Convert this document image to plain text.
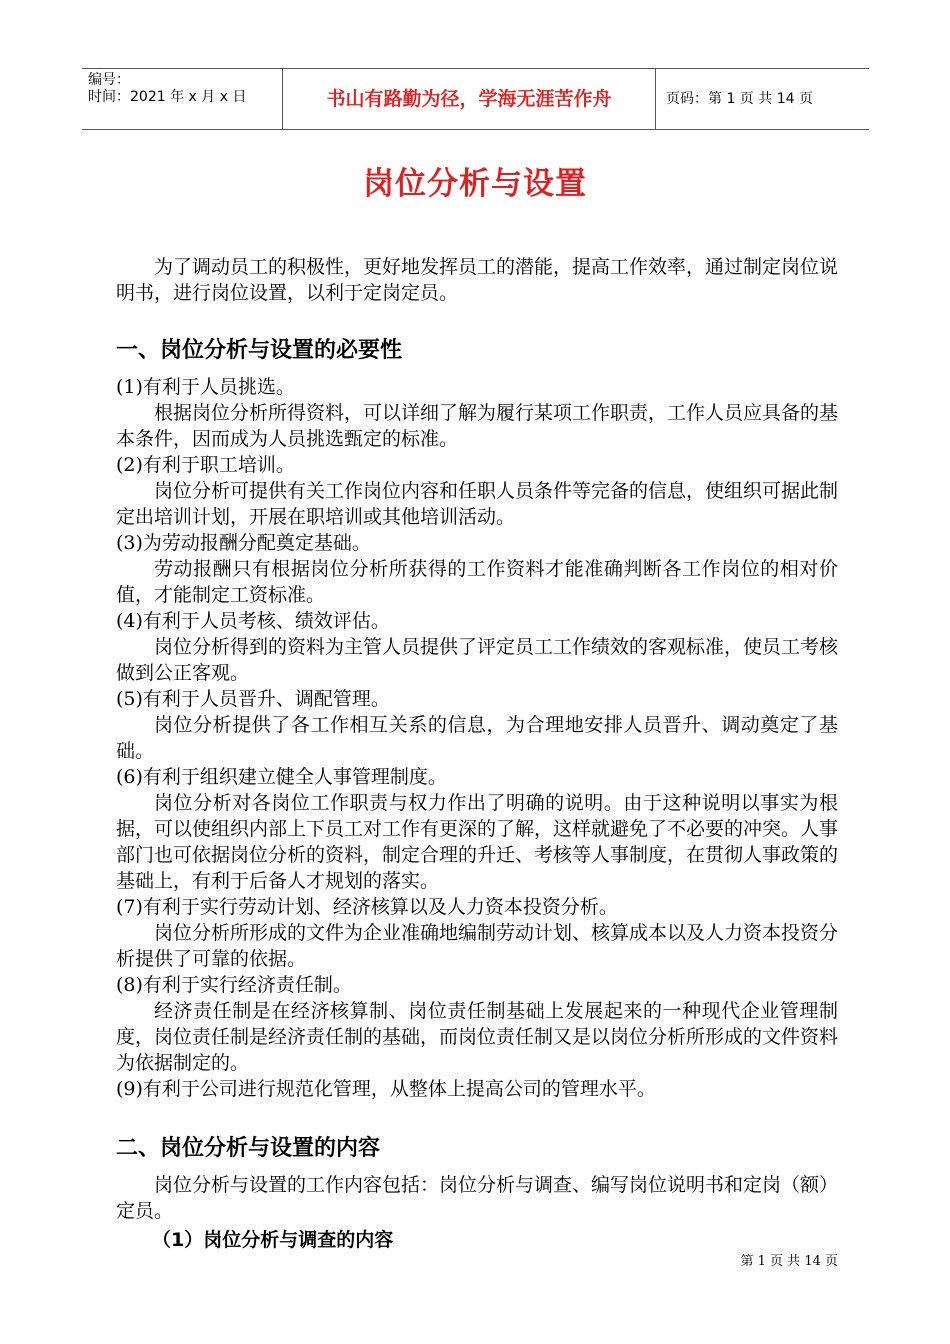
编号：
时间：2021 年 x 月 x 日	书山有路勤为径，学海无涯苦作舟	页码：第 1 页 共 14 页
岗位分析与设置

为了调动员工的积极性，更好地发挥员工的潜能，提高工作效率，通过制定岗位说明书，进行岗位设置，以利于定岗定员。

一、岗位分析与设置的必要性

(1)有利于人员挑选。

根据岗位分析所得资料，可以详细了解为履行某项工作职责，工作人员应具备的基本条件，因而成为人员挑选甄定的标准。

(2)有利于职工培训。

岗位分析可提供有关工作岗位内容和任职人员条件等完备的信息，使组织可据此制定出培训计划，开展在职培训或其他培训活动。

(3)为劳动报酬分配奠定基础。

劳动报酬只有根据岗位分析所获得的工作资料才能准确判断各工作岗位的相对价值，才能制定工资标准。

(4)有利于人员考核、绩效评估。

岗位分析得到的资料为主管人员提供了评定员工工作绩效的客观标准，使员工考核做到公正客观。

(5)有利于人员晋升、调配管理。

岗位分析提供了各工作相互关系的信息，为合理地安排人员晋升、调动奠定了基础。

(6)有利于组织建立健全人事管理制度。

岗位分析对各岗位工作职责与权力作出了明确的说明。由于这种说明以事实为根据，可以使组织内部上下员工对工作有更深的了解，这样就避免了不必要的冲突。人事部门也可依据岗位分析的资料，制定合理的升迁、考核等人事制度，在贯彻人事政策的基础上，有利于后备人才规划的落实。

(7)有利于实行劳动计划、经济核算以及人力资本投资分析。

岗位分析所形成的文件为企业准确地编制劳动计划、核算成本以及人力资本投资分析提供了可靠的依据。

(8)有利于实行经济责任制。

经济责任制是在经济核算制、岗位责任制基础上发展起来的一种现代企业管理制度，岗位责任制是经济责任制的基础，而岗位责任制又是以岗位分析所形成的文件资料为依据制定的。

(9)有利于公司进行规范化管理，从整体上提高公司的管理水平。

二、岗位分析与设置的内容

岗位分析与设置的工作内容包括：岗位分析与调查、编写岗位说明书和定岗（额）定员。

（1）岗位分析与调查的内容
第 1 页 共 14 页
